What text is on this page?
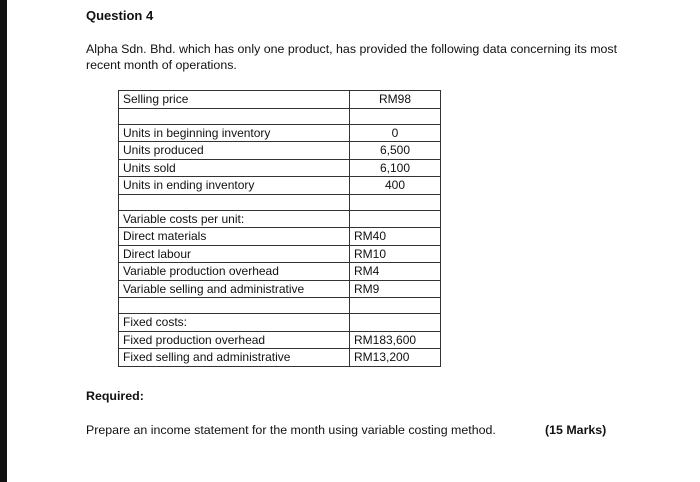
Question 4
Alpha Sdn. Bhd. which has only one product, has provided the following data concerning its most recent month of operations.
Selling price	RM98

Units in beginning inventory	0
Units produced	6,500
Units sold	6,100
Units in ending inventory	400

Variable costs per unit:	
Direct materials	RM40
Direct labour	RM10
Variable production overhead	RM4
Variable selling and administrative	RM9

Fixed costs:	
Fixed production overhead	RM183,600
Fixed selling and administrative	RM13,200
Required:
Prepare an income statement for the month using variable costing method.	(15 Marks)
